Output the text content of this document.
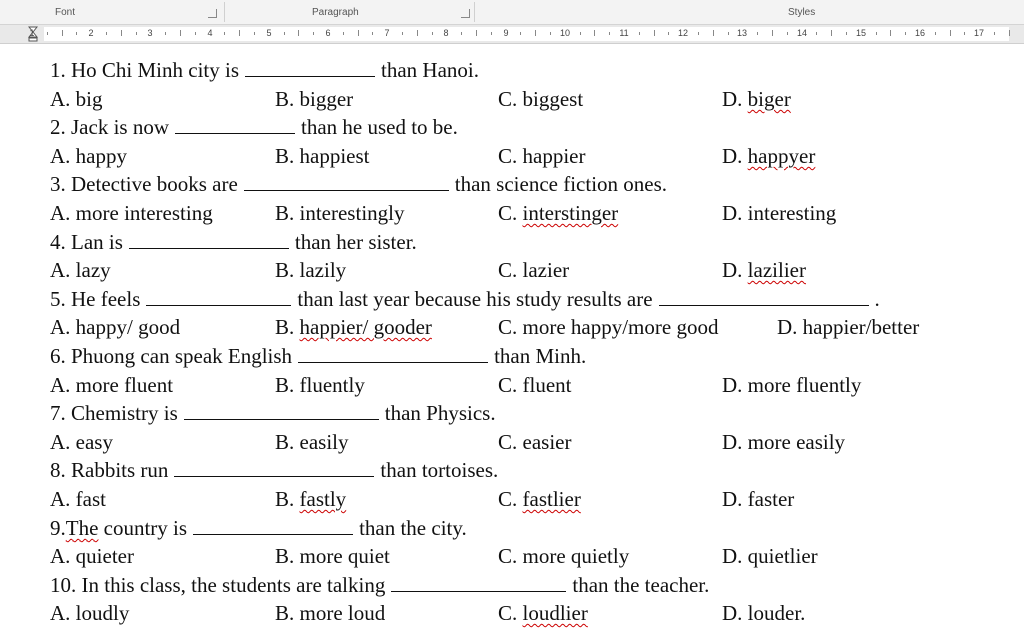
Font	Paragraph	Styles
1	2	3	4	5	6	7	8	9	10	11	12	13	14	15	16	17
1. Ho Chi Minh city is	than Hanoi.
A. big	B. bigger	C. biggest	D. biger
2. Jack is now	than he used to be.
A. happy	B. happiest	C. happier	D. happyer
3. Detective books are	than science fiction ones.
A. more interesting	B. interestingly	C. interstinger	D. interesting
4. Lan is	than her sister.
A. lazy	B. lazily	C. lazier	D. lazilier
5. He feels	than last year because his study results are	.
A. happy/ good	B. happier/ gooder	C. more happy/more good	D. happier/better
6. Phuong can speak English	than Minh.
A. more fluent	B. fluently	C. fluent	D. more fluently
7. Chemistry is	than Physics.
A. easy	B. easily	C. easier	D. more easily
8. Rabbits run	than tortoises.
A. fast	B. fastly	C. fastlier	D. faster
9.The country is	than the city.
A. quieter	B. more quiet	C. more quietly	D. quietlier
10. In this class, the students are talking	than the teacher.
A. loudly	B. more loud	C. loudlier	D. louder.
